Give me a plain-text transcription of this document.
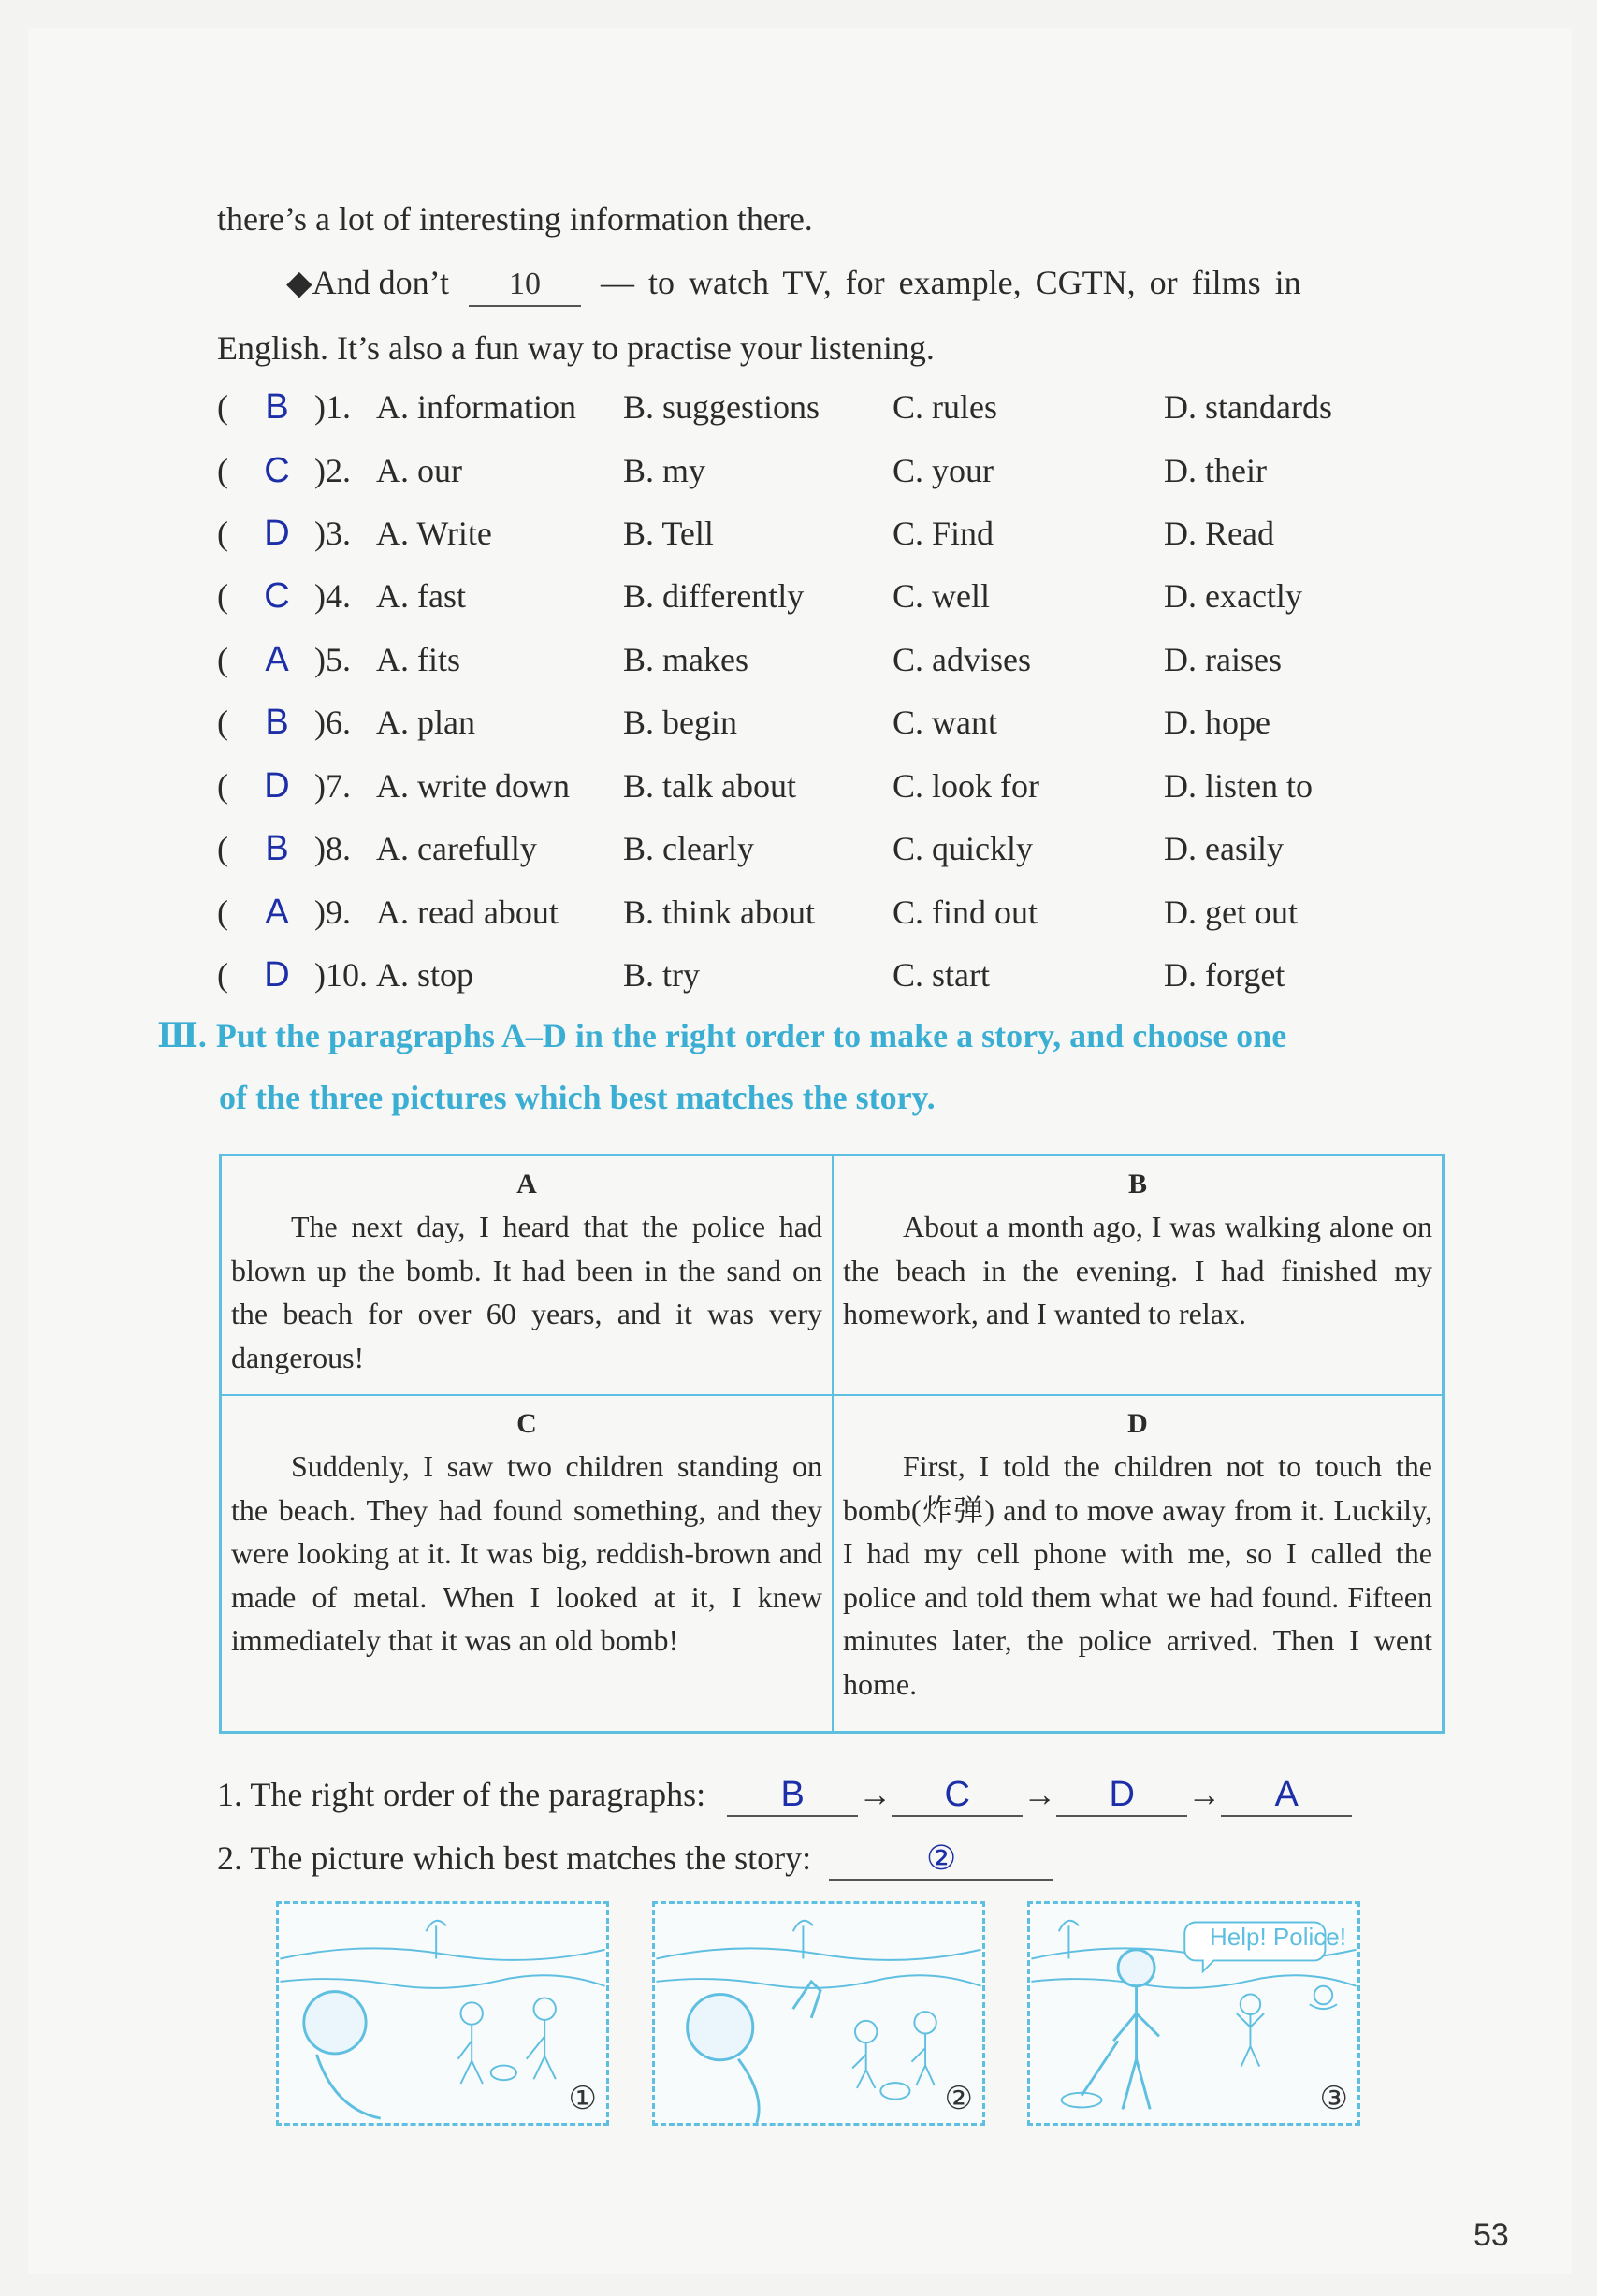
there’s a lot of interesting information there.
◆And don’t 10 — to watch TV, for example, CGTN, or films in
English. It’s also a fun way to practise your listening.
( B )1. A. information B. suggestions C. rules	D. standards
( C )2. A. our	B. my	C. your	D. their
( D )3. A. Write	B. Tell	C. Find	D. Read
( C )4. A. fast	B. differently	C. well	D. exactly
( A )5. A. fits	B. makes	C. advises	D. raises
( B )6. A. plan	B. begin	C. want	D. hope
( D )7. A. write down B. talk about	C. look for	D. listen to
( B )8. A. carefully	B. clearly	C. quickly	D. easily
( A )9. A. read about B. think about C. find out	D. get out
( D )10. A. stop	B. try	C. start	D. forget
Ⅲ. Put the paragraphs A–D in the right order to make a story, and choose one
of the three pictures which best matches the story.
A

The next day, I heard that the police had blown up the bomb. It had been in the sand on the beach for over 60 years, and it was very dangerous!

B

About a month ago, I was walking alone on the beach in the evening. I had finished my homework, and I wanted to relax.

C

Suddenly, I saw two children standing on the beach. They had found something, and they were looking at it. It was big, reddish-brown and made of metal. When I looked at it, I knew immediately that it was an old bomb!

D

First, I told the children not to touch the bomb(炸弹) and to move away from it. Luckily, I had my cell phone with me, so I called the police and told them what we had found. Fifteen minutes later, the police arrived. Then I went home.

1. The right order of the paragraphs: B → C → D → A
2. The picture which best matches the story:	②
①	②
Help! Police!
③
53
